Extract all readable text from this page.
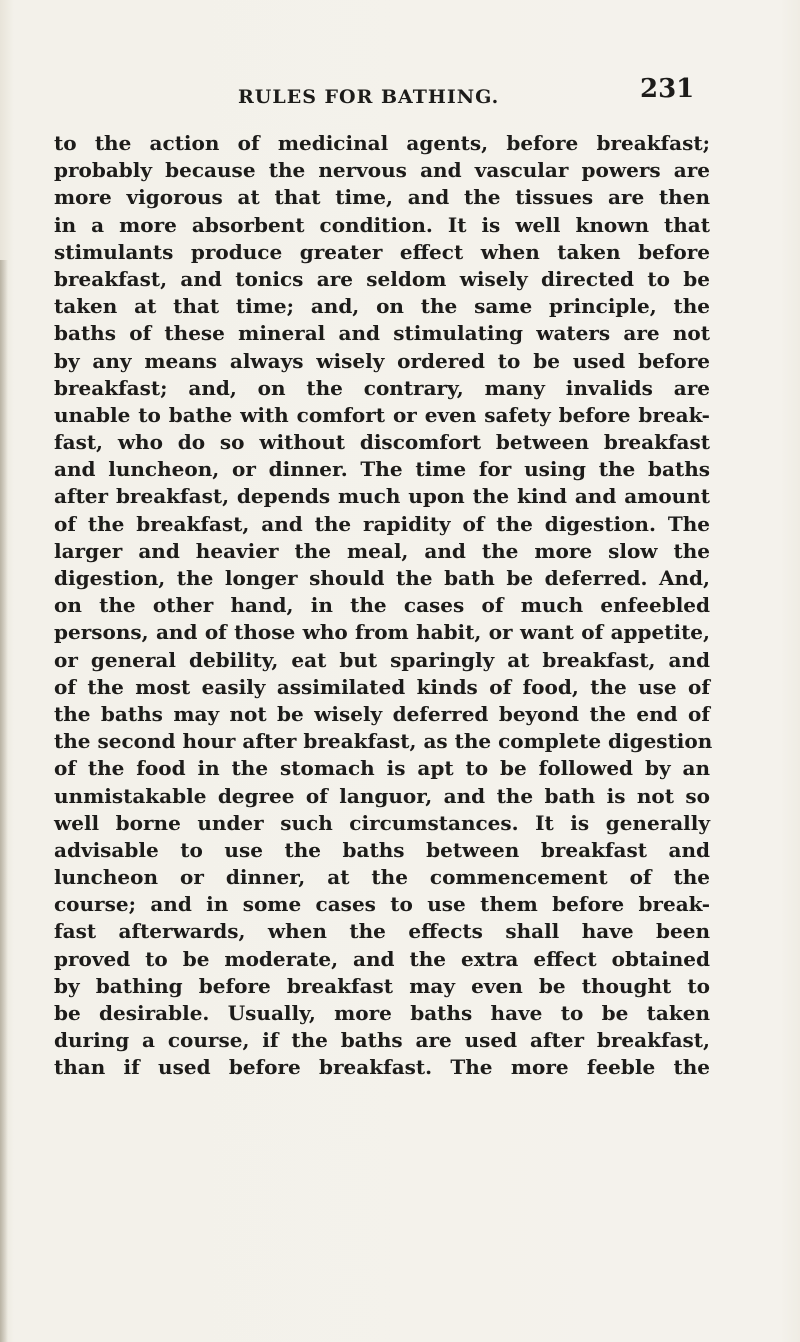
RULES FOR BATHING.	231
to the action of medicinal agents, before breakfast;
probably because the nervous and vascular powers are
more vigorous at that time, and the tissues are then
in a more absorbent condition. It is well known that
stimulants produce greater effect when taken before
breakfast, and tonics are seldom wisely directed to be
taken at that time; and, on the same principle, the
baths of these mineral and stimulating waters are not
by any means always wisely ordered to be used before
breakfast; and, on the contrary, many invalids are
unable to bathe with comfort or even safety before break-
fast, who do so without discomfort between breakfast
and luncheon, or dinner. The time for using the baths
after breakfast, depends much upon the kind and amount
of the breakfast, and the rapidity of the digestion. The
larger and heavier the meal, and the more slow the
digestion, the longer should the bath be deferred. And,
on the other hand, in the cases of much enfeebled
persons, and of those who from habit, or want of appetite,
or general debility, eat but sparingly at breakfast, and
of the most easily assimilated kinds of food, the use of
the baths may not be wisely deferred beyond the end of
the second hour after breakfast, as the complete digestion
of the food in the stomach is apt to be followed by an
unmistakable degree of languor, and the bath is not so
well borne under such circumstances. It is generally
advisable to use the baths between breakfast and
luncheon or dinner, at the commencement of the
course; and in some cases to use them before break-
fast afterwards, when the effects shall have been
proved to be moderate, and the extra effect obtained
by bathing before breakfast may even be thought to
be desirable. Usually, more baths have to be taken
during a course, if the baths are used after breakfast,
than if used before breakfast. The more feeble the
